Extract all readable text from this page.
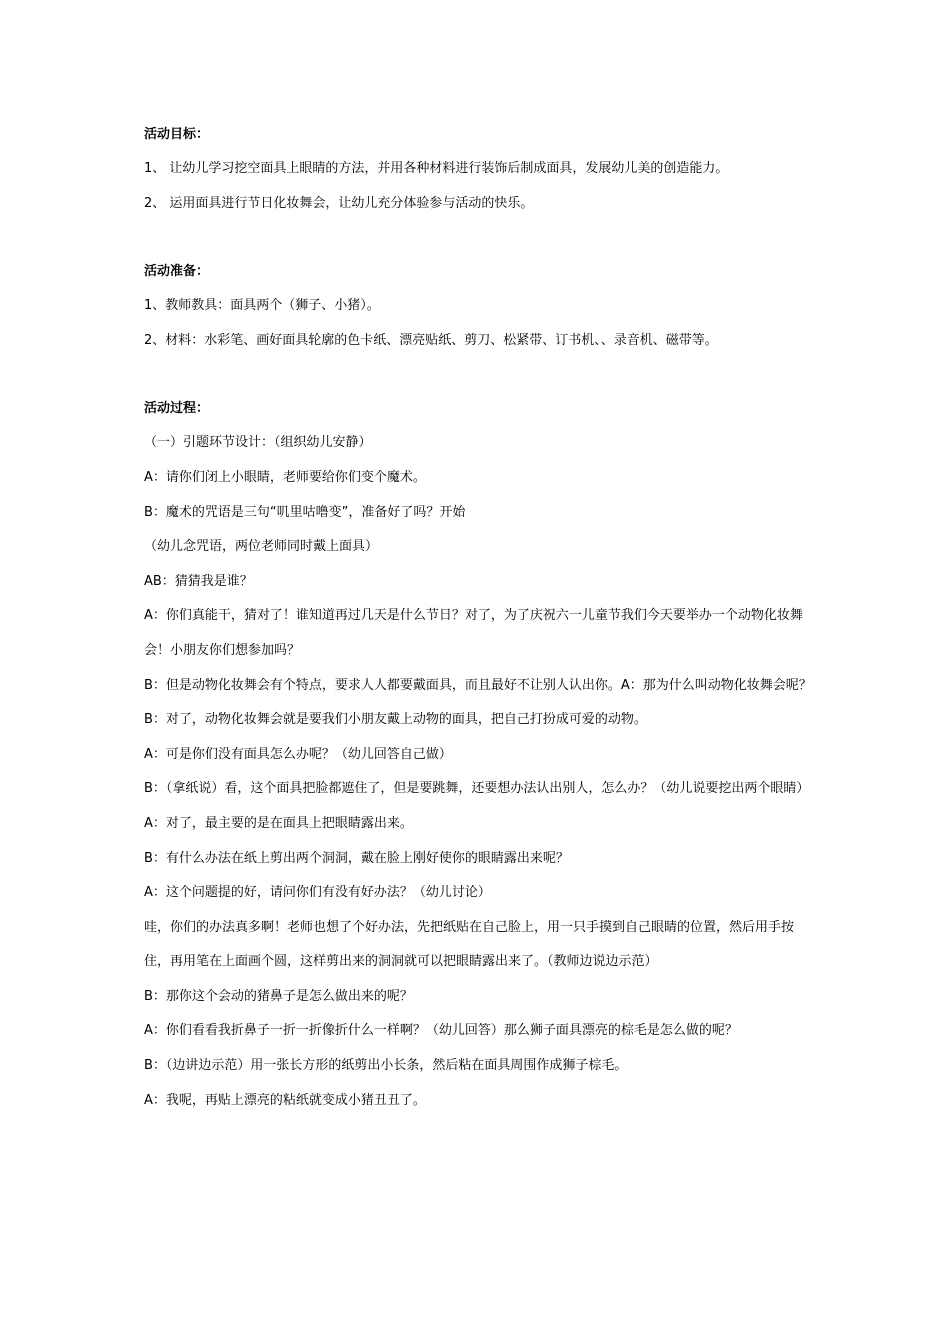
活动目标：
1、 让幼儿学习挖空面具上眼睛的方法，并用各种材料进行装饰后制成面具，发展幼儿美的创造能力。
2、 运用面具进行节日化妆舞会，让幼儿充分体验参与活动的快乐。
活动准备：
1、教师教具：面具两个（狮子、小猪）。
2、材料：水彩笔、画好面具轮廓的色卡纸、漂亮贴纸、剪刀、松紧带、订书机、、录音机、磁带等。
活动过程：
（一）引题环节设计：（组织幼儿安静）
A：请你们闭上小眼睛，老师要给你们变个魔术。
B：魔术的咒语是三句“叽里咕噜变”，准备好了吗？开始
（幼儿念咒语，两位老师同时戴上面具）
AB：猜猜我是谁？
A：你们真能干，猜对了！谁知道再过几天是什么节日？对了，为了庆祝六一儿童节我们今天要举办一个动物化妆舞会！小朋友你们想参加吗？
B：但是动物化妆舞会有个特点，要求人人都要戴面具，而且最好不让别人认出你。A：那为什么叫动物化妆舞会呢？
B：对了，动物化妆舞会就是要我们小朋友戴上动物的面具，把自己打扮成可爱的动物。
A：可是你们没有面具怎么办呢？（幼儿回答自己做）
B：（拿纸说）看，这个面具把脸都遮住了，但是要跳舞，还要想办法认出别人，怎么办？（幼儿说要挖出两个眼睛）
A：对了，最主要的是在面具上把眼睛露出来。
B：有什么办法在纸上剪出两个洞洞，戴在脸上刚好使你的眼睛露出来呢？
A：这个问题提的好，请问你们有没有好办法？（幼儿讨论）
哇，你们的办法真多啊！老师也想了个好办法，先把纸贴在自己脸上，用一只手摸到自己眼睛的位置，然后用手按住，再用笔在上面画个圆，这样剪出来的洞洞就可以把眼睛露出来了。（教师边说边示范）
B：那你这个会动的猪鼻子是怎么做出来的呢？
A：你们看看我折鼻子一折一折像折什么一样啊？（幼儿回答）那么狮子面具漂亮的棕毛是怎么做的呢？
B：（边讲边示范）用一张长方形的纸剪出小长条，然后粘在面具周围作成狮子棕毛。
A：我呢，再贴上漂亮的粘纸就变成小猪丑丑了。
